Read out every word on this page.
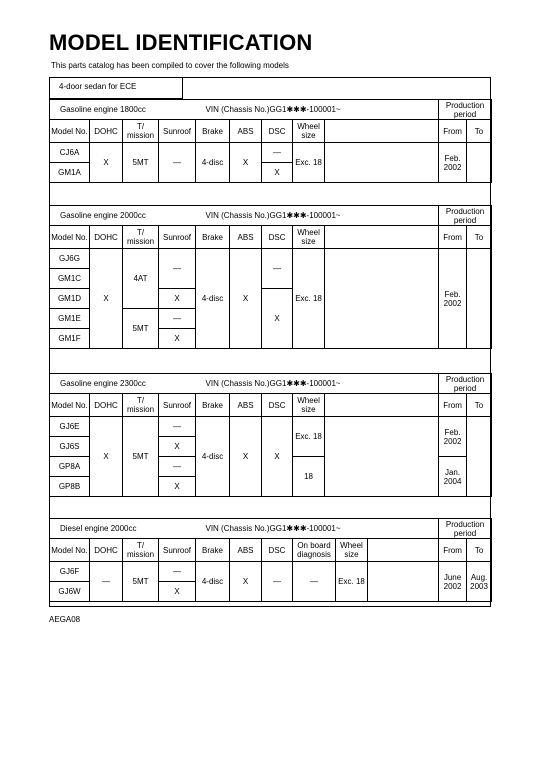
MODEL IDENTIFICATION
This parts catalog has been compiled to cover the following models
4-door sedan for ECE
Gasoline engine 1800cc				VIN (Chassis No.)GG1✱✱✱-100001~					Production period	
Model No.	DOHC	T/ mission	Sunroof	Brake	ABS	DSC	Wheel size		From	To
CJ6A	X	5MT	—	4-disc	X	—	Exc. 18		Feb. 2002	
GM1A						X				
Gasoline engine 2000cc				VIN (Chassis No.)GG1✱✱✱-100001~					Production period	
Model No.	DOHC	T/ mission	Sunroof	Brake	ABS	DSC	Wheel size		From	To
GJ6G	X	4AT	—	4-disc	X	—	Exc. 18		Feb. 2002	
GM1C										
GM1D			X			X				
GM1E		5MT	—							
GM1F			X							
Gasoline engine 2300cc				VIN (Chassis No.)GG1✱✱✱-100001~					Production period	
Model No.	DOHC	T/ mission	Sunroof	Brake	ABS	DSC	Wheel size		From	To
GJ6E	X	5MT	—	4-disc	X	X	Exc. 18		Feb. 2002	
GJ6S			X							
GP8A			—				18		Jan. 2004	
GP8B			X							
Diesel engine 2000cc				VIN (Chassis No.)GG1✱✱✱-100001~						Production period	
Model No.	DOHC	T/ mission	Sunroof	Brake	ABS	DSC	On board diagnosis	Wheel size		From	To
GJ6F	—	5MT	—	4-disc	X	—	—	Exc. 18		June 2002	Aug. 2003
GJ6W			X								
AEGA08
